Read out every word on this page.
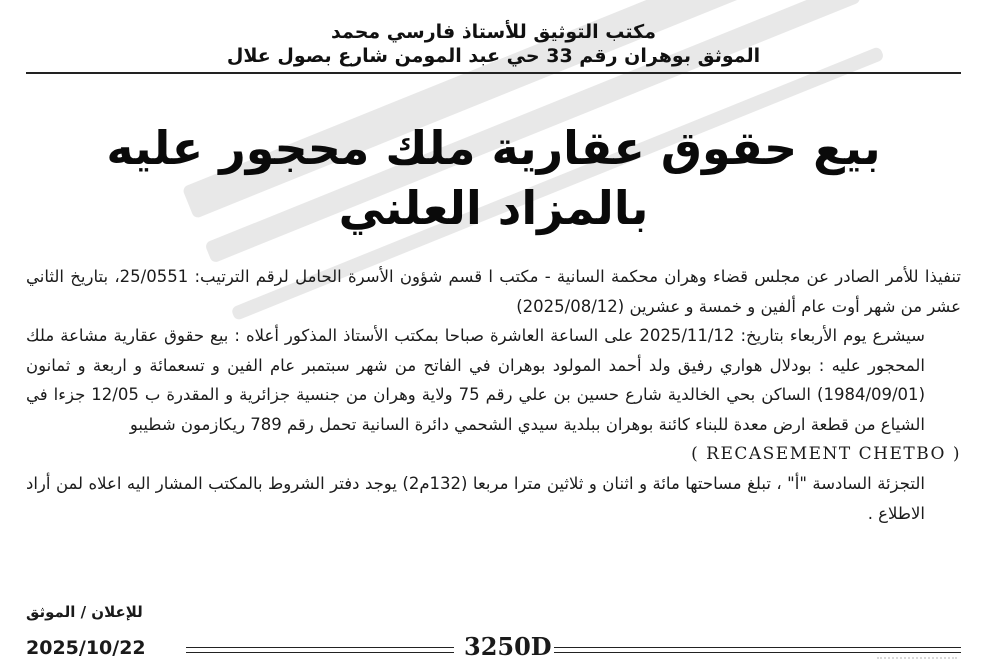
مكتب التوثيق للأستاذ فارسي محمد
الموثق بوهران رقم 33 حي عبد المومن شارع بصول علال
بيع حقوق عقارية ملك محجور عليه بالمزاد العلني

تنفيذا للأمر الصادر عن مجلس قضاء وهران محكمة السانية - مكتب ا قسم شؤون الأسرة الحامل لرقم الترتيب: 25/0551، بتاريخ الثاني عشر من شهر أوت عام ألفين و خمسة و عشرين (2025/08/12)

سيشرع يوم الأربعاء بتاريخ: 2025/11/12 على الساعة العاشرة صباحا بمكتب الأستاذ المذكور أعلاه : بيع حقوق عقارية مشاعة ملك المحجور عليه : بودلال هواري رفيق ولد أحمد المولود بوهران في الفاتح من شهر سبتمبر عام الفين و تسعمائة و اربعة و ثمانون (1984/09/01) الساكن بحي الخالدية شارع حسين بن علي رقم 75 ولاية وهران من جنسية جزائرية و المقدرة ب 12/05 جزءا في الشياع من قطعة ارض معدة للبناء كائنة بوهران ببلدية سيدي الشحمي دائرة السانية تحمل رقم 789 ريكازمون شطيبو

( RECASEMENT CHETBO )

التجزئة السادسة "أ" ، تبلغ مساحتها مائة و اثنان و ثلاثين مترا مربعا (132م2) يوجد دفتر الشروط بالمكتب المشار اليه اعلاه لمن أراد الاطلاع .

للإعلان / الموثق
2025/10/22	3250D
